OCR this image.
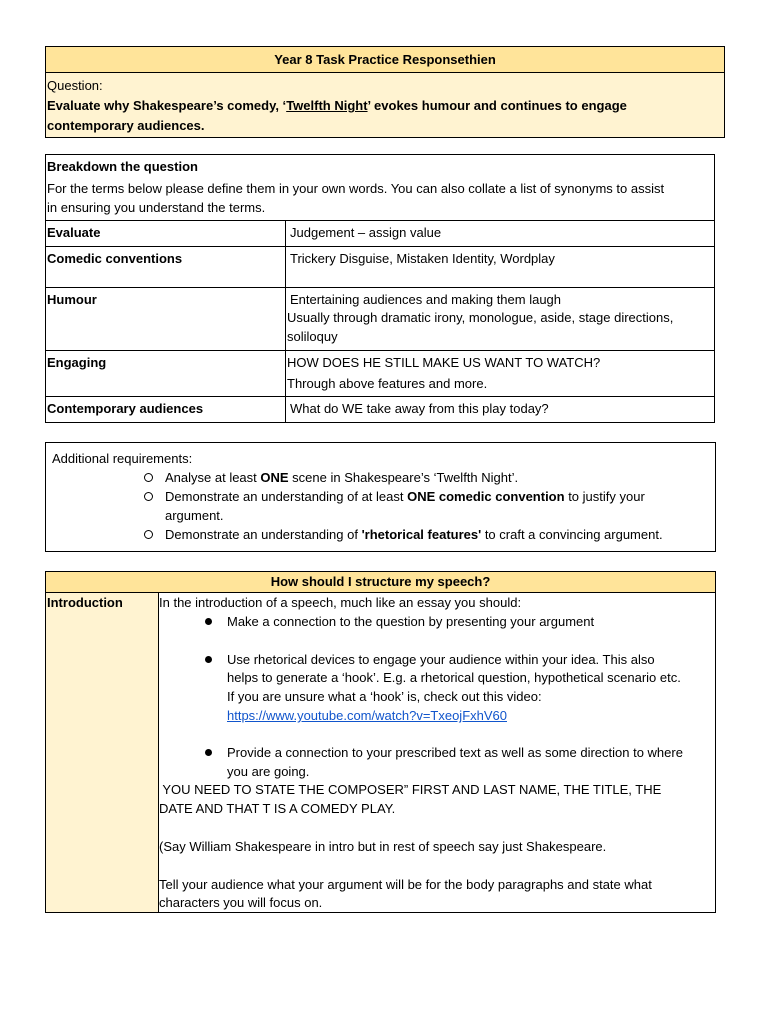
Year 8 Task Practice Responsethien
Question:
Evaluate why Shakespeare’s comedy, ‘Twelfth Night’ evokes humour and continues to engage
contemporary audiences.
Breakdown the question
For the terms below please define them in your own words. You can also collate a list of synonyms to assist
in ensuring you understand the terms.
Evaluate	Judgement – assign value
Comedic conventions	Trickery Disguise, Mistaken Identity, Wordplay
Humour	Entertaining audiences and making them laugh
Usually through dramatic irony, monologue, aside, stage directions,
soliloquy
Engaging	HOW DOES HE STILL MAKE US WANT TO WATCH?
Through above features and more.
Contemporary audiences	What do WE take away from this play today?
Additional requirements:
Analyse at least ONE scene in Shakespeare’s ‘Twelfth Night’.
Demonstrate an understanding of at least ONE comedic convention to justify your
argument.
Demonstrate an understanding of 'rhetorical features' to craft a convincing argument.
How should I structure my speech?
Introduction	In the introduction of a speech, much like an essay you should:
Make a connection to the question by presenting your argument
Use rhetorical devices to engage your audience within your idea. This also
helps to generate a ‘hook’. E.g. a rhetorical question, hypothetical scenario etc.
If you are unsure what a ‘hook’ is, check out this video:
https://www.youtube.com/watch?v=TxeojFxhV60
Provide a connection to your prescribed text as well as some direction to where
you are going.
YOU NEED TO STATE THE COMPOSER” FIRST AND LAST NAME, THE TITLE, THE
DATE AND THAT T IS A COMEDY PLAY.
(Say William Shakespeare in intro but in rest of speech say just Shakespeare.
Tell your audience what your argument will be for the body paragraphs and state what
characters you will focus on.
